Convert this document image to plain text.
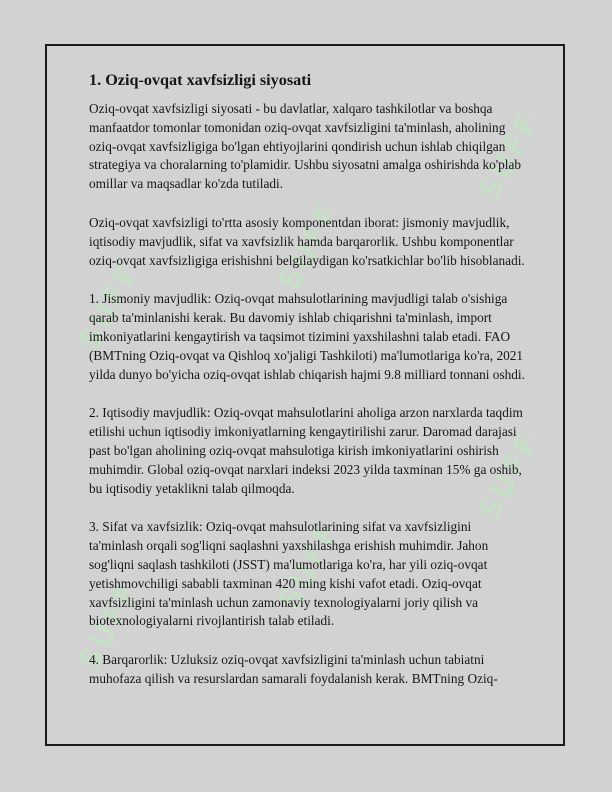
SUFF
SUFF
SUFF
SUFF
SUFF
SUFF
1. Oziq-ovqat xavfsizligi siyosati

Oziq-ovqat xavfsizligi siyosati - bu davlatlar, xalqaro tashkilotlar va boshqa manfaatdor tomonlar tomonidan oziq-ovqat xavfsizligini ta'minlash, aholining oziq-ovqat xavfsizligiga bo'lgan ehtiyojlarini qondirish uchun ishlab chiqilgan strategiya va choralarning to'plamidir. Ushbu siyosatni amalga oshirishda ko'plab omillar va maqsadlar ko'zda tutiladi.

Oziq-ovqat xavfsizligi to'rtta asosiy komponentdan iborat: jismoniy mavjudlik, iqtisodiy mavjudlik, sifat va xavfsizlik hamda barqarorlik. Ushbu komponentlar oziq-ovqat xavfsizligiga erishishni belgilaydigan ko'rsatkichlar bo'lib hisoblanadi.

1. Jismoniy mavjudlik: Oziq-ovqat mahsulotlarining mavjudligi talab o'sishiga qarab ta'minlanishi kerak. Bu davomiy ishlab chiqarishni ta'minlash, import imkoniyatlarini kengaytirish va taqsimot tizimini yaxshilashni talab etadi. FAO (BMTning Oziq-ovqat va Qishloq xo'jaligi Tashkiloti) ma'lumotlariga ko'ra, 2021 yilda dunyo bo'yicha oziq-ovqat ishlab chiqarish hajmi 9.8 milliard tonnani oshdi.

2. Iqtisodiy mavjudlik: Oziq-ovqat mahsulotlarini aholiga arzon narxlarda taqdim etilishi uchun iqtisodiy imkoniyatlarning kengaytirilishi zarur. Daromad darajasi past bo'lgan aholining oziq-ovqat mahsulotiga kirish imkoniyatlarini oshirish muhimdir. Global oziq-ovqat narxlari indeksi 2023 yilda taxminan 15% ga oshib, bu iqtisodiy yetaklikni talab qilmoqda.

3. Sifat va xavfsizlik: Oziq-ovqat mahsulotlarining sifat va xavfsizligini ta'minlash orqali sog'liqni saqlashni yaxshilashga erishish muhimdir. Jahon sog'liqni saqlash tashkiloti (JSST) ma'lumotlariga ko'ra, har yili oziq-ovqat yetishmovchiligi sababli taxminan 420 ming kishi vafot etadi. Oziq-ovqat xavfsizligini ta'minlash uchun zamonaviy texnologiyalarni joriy qilish va biotexnologiyalarni rivojlantirish talab etiladi.

4. Barqarorlik: Uzluksiz oziq-ovqat xavfsizligini ta'minlash uchun tabiatni muhofaza qilish va resurslardan samarali foydalanish kerak. BMTning Oziq-
